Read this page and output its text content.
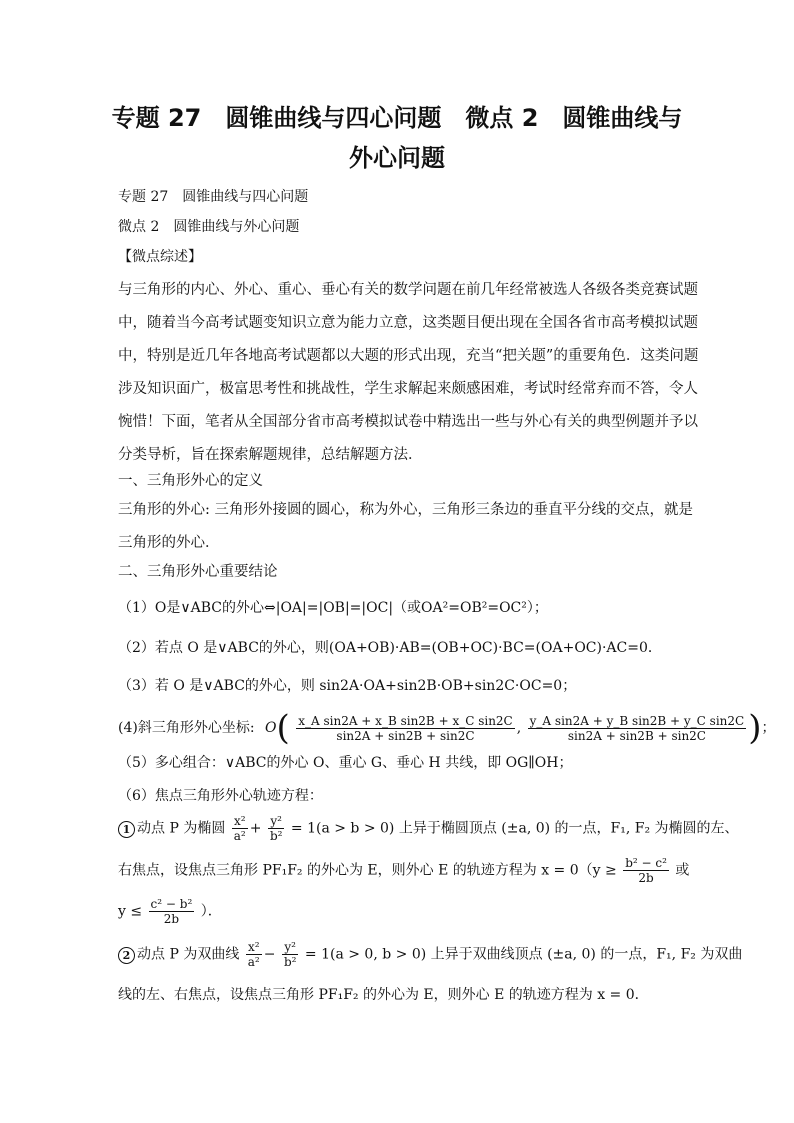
专题 27　圆锥曲线与四心问题　微点 2　圆锥曲线与
外心问题
专题 27　圆锥曲线与四心问题
微点 2　圆锥曲线与外心问题
【微点综述】
与三角形的内心、外心、重心、垂心有关的数学问题在前几年经常被选人各级各类竞赛试题
中，随着当今高考试题变知识立意为能力立意，这类题目便出现在全国各省市高考模拟试题
中，特别是近几年各地高考试题都以大题的形式出现，充当“把关题”的重要角色．这类问题
涉及知识面广，极富思考性和挑战性，学生求解起来颇感困难，考试时经常弃而不答，令人
惋惜！下面，笔者从全国部分省市高考模拟试卷中精选出一些与外心有关的典型例题并予以
分类导析，旨在探索解题规律，总结解题方法．
一、三角形外心的定义
三角形的外心: 三角形外接圆的圆心，称为外心，三角形三条边的垂直平分线的交点，就是
三角形的外心．
二、三角形外心重要结论
（1）O是∨ABC的外心⇔|OA|=|OB|=|OC|（或OA²=OB²=OC²）；
（2）若点 O 是∨ABC的外心，则(OA+OB)·AB=(OB+OC)·BC=(OA+OC)·AC=0．
（3）若 O 是∨ABC的外心，则 sin2A·OA+sin2B·OB+sin2C·OC=0；
(4)斜三角形外心坐标: $O( \frac{\text{x\_A sin2A + x\_B sin2B + x\_C sin2C}}{\sin 2A + \sin 2B + \sin 2C}$ , $\frac{\text{y\_A sin2A + y\_B sin2B + y\_C sin2C}}{\sin 2A + \sin 2B + \sin 2C}$ )；
（5）多心组合：∨ABC的外心 O、重心 G、垂心 H 共线，即 OG∥OH；
（6）焦点三角形外心轨迹方程：
1 动点 P 为椭圆 $\frac{\text{x²}}{\text{a²}} + \frac{\text{y²}}{\text{b²}} = 1(a > b > 0)$ 上异于椭圆顶点 (±a, 0) 的一点，F₁, F₂ 为椭圆的左、
右焦点，设焦点三角形 PF₁F₂ 的外心为 E，则外心 E 的轨迹方程为 $x = 0(y \ge \frac{\text{b² − c²}}{2b}$ 或
$y \le \frac{\text{c² − b²}}{2b}$ ）．
2 动点 P 为双曲线 $\frac{\text{x²}}{\text{a²}} - \frac{\text{y²}}{\text{b²}} = 1(a > 0$, b > 0) 上异于双曲线顶点 (±a, 0) 的一点，F₁, F₂ 为双曲
线的左、右焦点，设焦点三角形 PF₁F₂ 的外心为 E，则外心 E 的轨迹方程为 x = 0．
